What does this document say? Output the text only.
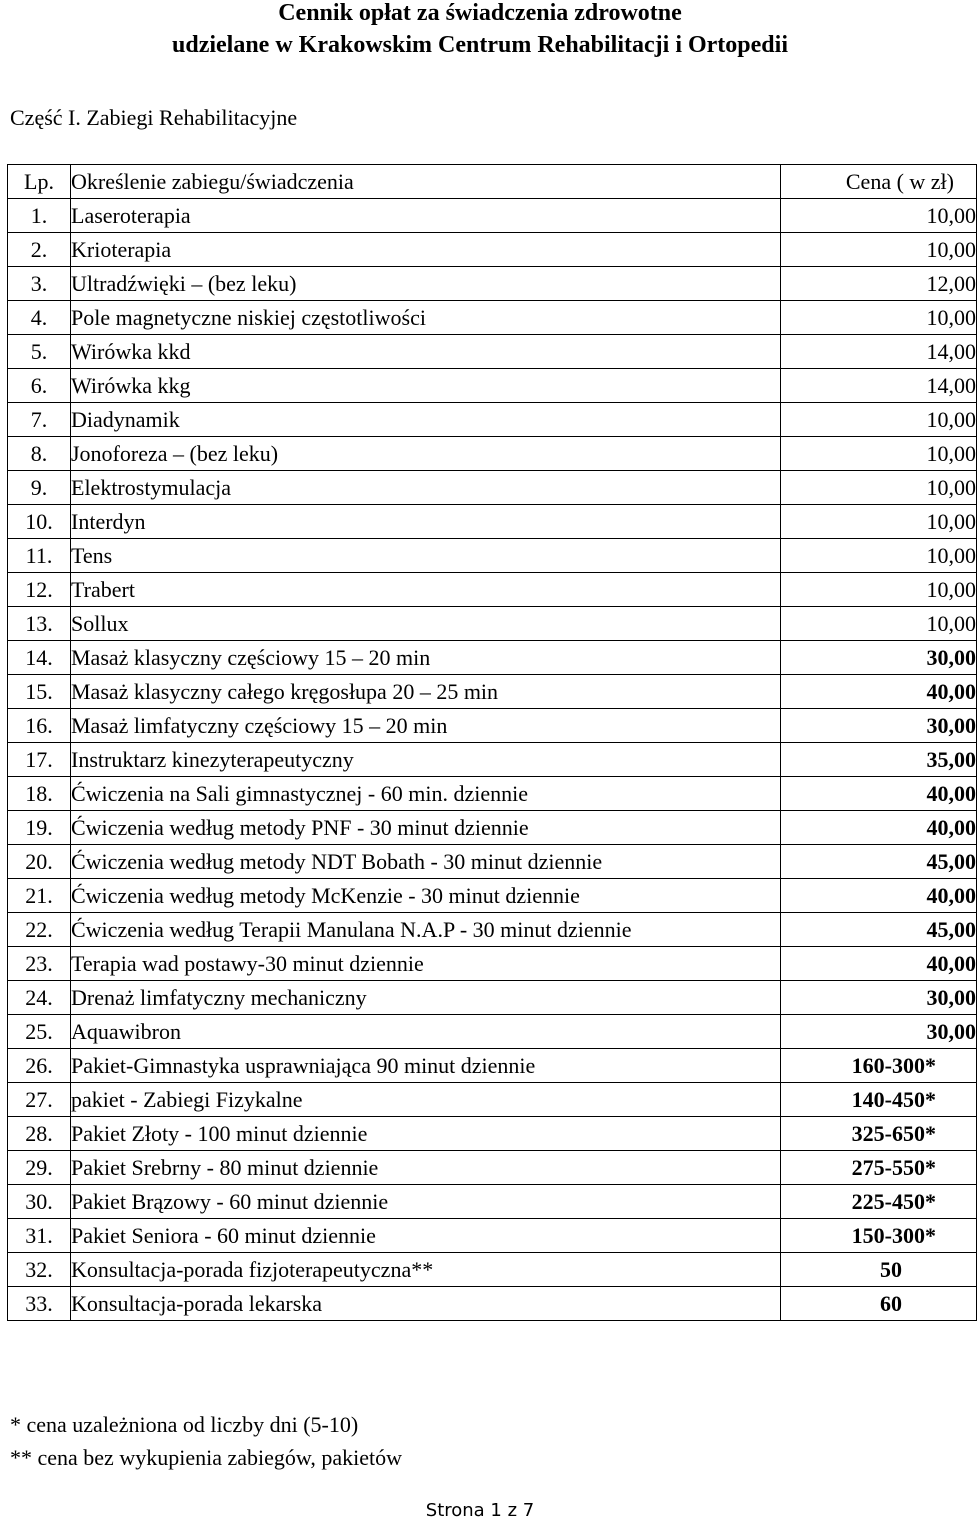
Cennik opłat za świadczenia zdrowotne
udzielane w Krakowskim Centrum Rehabilitacji i Ortopedii
Część I. Zabiegi Rehabilitacyjne
Lp.	Określenie zabiegu/świadczenia	Cena ( w zł)
1.	Laseroterapia	10,00
2.	Krioterapia	10,00
3.	Ultradźwięki – (bez leku)	12,00
4.	Pole magnetyczne niskiej częstotliwości	10,00
5.	Wirówka kkd	14,00
6.	Wirówka kkg	14,00
7.	Diadynamik	10,00
8.	Jonoforeza – (bez leku)	10,00
9.	Elektrostymulacja	10,00
10.	Interdyn	10,00
11.	Tens	10,00
12.	Trabert	10,00
13.	Sollux	10,00
14.	Masaż klasyczny częściowy 15 – 20 min	30,00
15.	Masaż klasyczny całego kręgosłupa 20 – 25 min	40,00
16.	Masaż limfatyczny częściowy 15 – 20 min	30,00
17.	Instruktarz kinezyterapeutyczny	35,00
18.	Ćwiczenia na Sali gimnastycznej - 60 min. dziennie	40,00
19.	Ćwiczenia według metody PNF - 30 minut dziennie	40,00
20.	Ćwiczenia według metody NDT Bobath - 30 minut dziennie	45,00
21.	Ćwiczenia według metody McKenzie - 30 minut dziennie	40,00
22.	Ćwiczenia według Terapii Manulana N.A.P - 30 minut dziennie	45,00
23.	Terapia wad postawy-30 minut dziennie	40,00
24.	Drenaż limfatyczny mechaniczny	30,00
25.	Aquawibron	30,00
26.	Pakiet-Gimnastyka usprawniająca 90 minut dziennie	160-300*
27.	pakiet - Zabiegi Fizykalne	140-450*
28.	Pakiet Złoty - 100 minut dziennie	325-650*
29.	Pakiet Srebrny - 80 minut dziennie	275-550*
30.	Pakiet Brązowy - 60 minut dziennie	225-450*
31.	Pakiet Seniora - 60 minut dziennie	150-300*
32.	Konsultacja-porada fizjoterapeutyczna**	50
33.	Konsultacja-porada lekarska	60
* cena uzależniona od liczby dni (5-10)
** cena bez wykupienia zabiegów, pakietów
Strona 1 z 7
